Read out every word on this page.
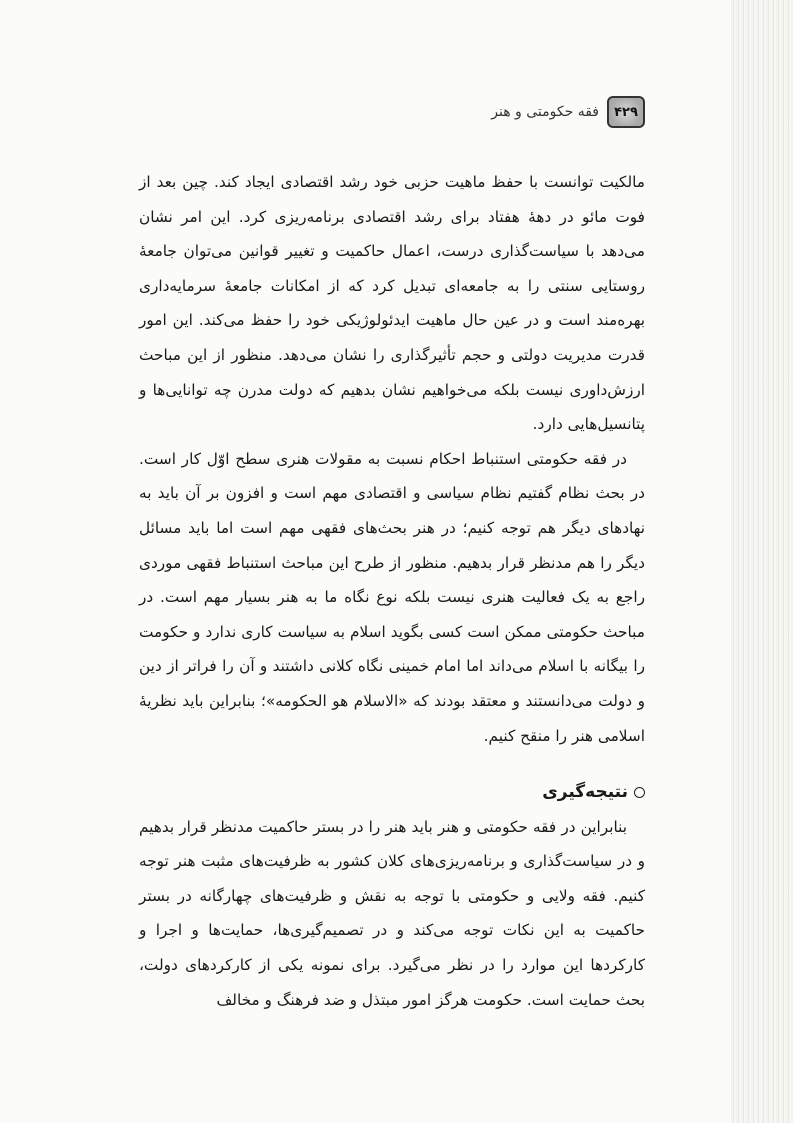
۴۲۹
فقه حکومتی و هنر

مالکیت توانست با حفظ ماهیت حزبی خود رشد اقتصادی ایجاد کند. چین بعد از فوت مائو در دههٔ هفتاد برای رشد اقتصادی برنامه‌ریزی کرد. این امر نشان می‌دهد با سیاست‌گذاری درست، اعمال حاکمیت و تغییر قوانین می‌توان جامعهٔ روستایی سنتی را به جامعه‌ای تبدیل کرد که از امکانات جامعهٔ سرمایه‌داری بهره‌مند است و در عین حال ماهیت ایدئولوژیکی خود را حفظ می‌کند. این امور قدرت مدیریت دولتی و حجم تأثیرگذاری را نشان می‌دهد. منظور از این مباحث ارزش‌داوری نیست بلکه می‌خواهیم نشان بدهیم که دولت مدرن چه توانایی‌ها و پتانسیل‌هایی دارد.

در فقه حکومتی استنباط احکام نسبت به مقولات هنری سطح اوّل کار است. در بحث نظام گفتیم نظام سیاسی و اقتصادی مهم است و افزون بر آن باید به نهادهای دیگر هم توجه کنیم؛ در هنر بحث‌های فقهی مهم است اما باید مسائل دیگر را هم مدنظر قرار بدهیم. منظور از طرح این مباحث استنباط فقهی موردی راجع به یک فعالیت هنری نیست بلکه نوع نگاه ما به هنر بسیار مهم است. در مباحث حکومتی ممکن است کسی بگوید اسلام به سیاست کاری ندارد و حکومت را بیگانه با اسلام می‌داند اما امام خمینی نگاه کلانی داشتند و آن را فراتر از دین و دولت می‌دانستند و معتقد بودند که «الاسلام هو الحکومه»؛ بنابراین باید نظریهٔ اسلامی هنر را منقح کنیم.

نتیجه‌گیری

بنابراین در فقه حکومتی و هنر باید هنر را در بستر حاکمیت مدنظر قرار بدهیم و در سیاست‌گذاری و برنامه‌ریزی‌های کلان کشور به ظرفیت‌های مثبت هنر توجه کنیم. فقه ولایی و حکومتی با توجه به نقش و ظرفیت‌های چهارگانه در بستر حاکمیت به این نکات توجه می‌کند و در تصمیم‌گیری‌ها، حمایت‌ها و اجرا و کارکردها این موارد را در نظر می‌گیرد. برای نمونه یکی از کارکردهای دولت، بحث حمایت است. حکومت هرگز امور مبتذل و ضد فرهنگ و مخالف
